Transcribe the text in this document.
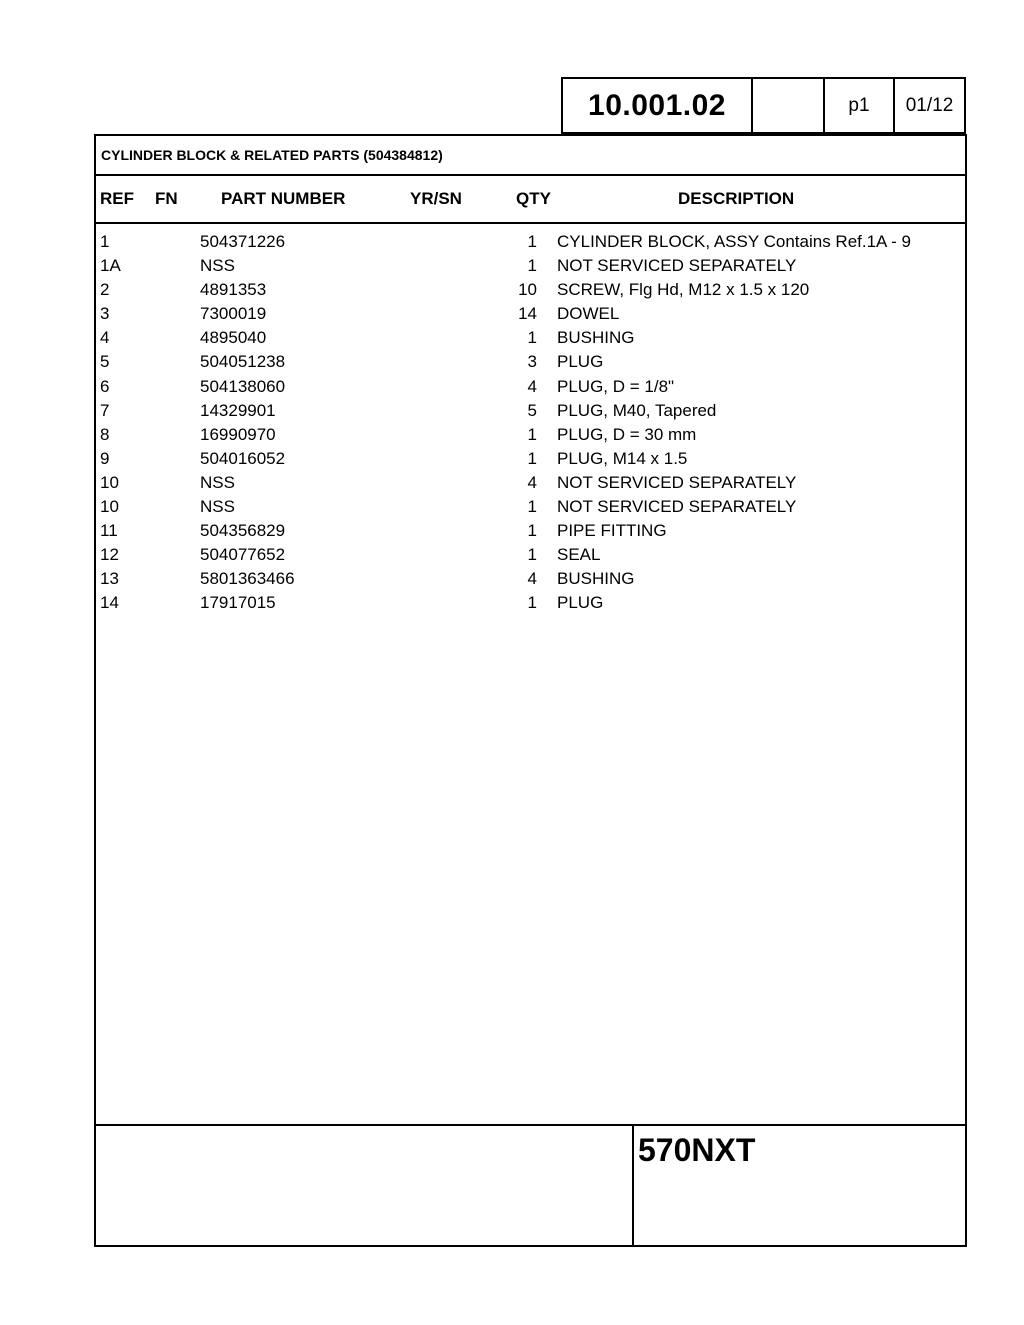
10.001.02	p1	01/12
CYLINDER BLOCK & RELATED PARTS (504384812)
REF FN	PART NUMBER	YR/SN	QTY	DESCRIPTION
1	504371226	1 CYLINDER BLOCK, ASSY Contains Ref.1A - 9
1A	NSS	1 NOT SERVICED SEPARATELY
2	4891353	10 SCREW, Flg Hd, M12 x 1.5 x 120
3	7300019	14 DOWEL
4	4895040	1 BUSHING
5	504051238	3 PLUG
6	504138060	4 PLUG, D = 1/8"
7	14329901	5 PLUG, M40, Tapered
8	16990970	1 PLUG, D = 30 mm
9	504016052	1 PLUG, M14 x 1.5
10	NSS	4 NOT SERVICED SEPARATELY
10	NSS	1 NOT SERVICED SEPARATELY
11	504356829	1 PIPE FITTING
12	504077652	1 SEAL
13	5801363466	4 BUSHING
14	17917015	1 PLUG
570NXT
